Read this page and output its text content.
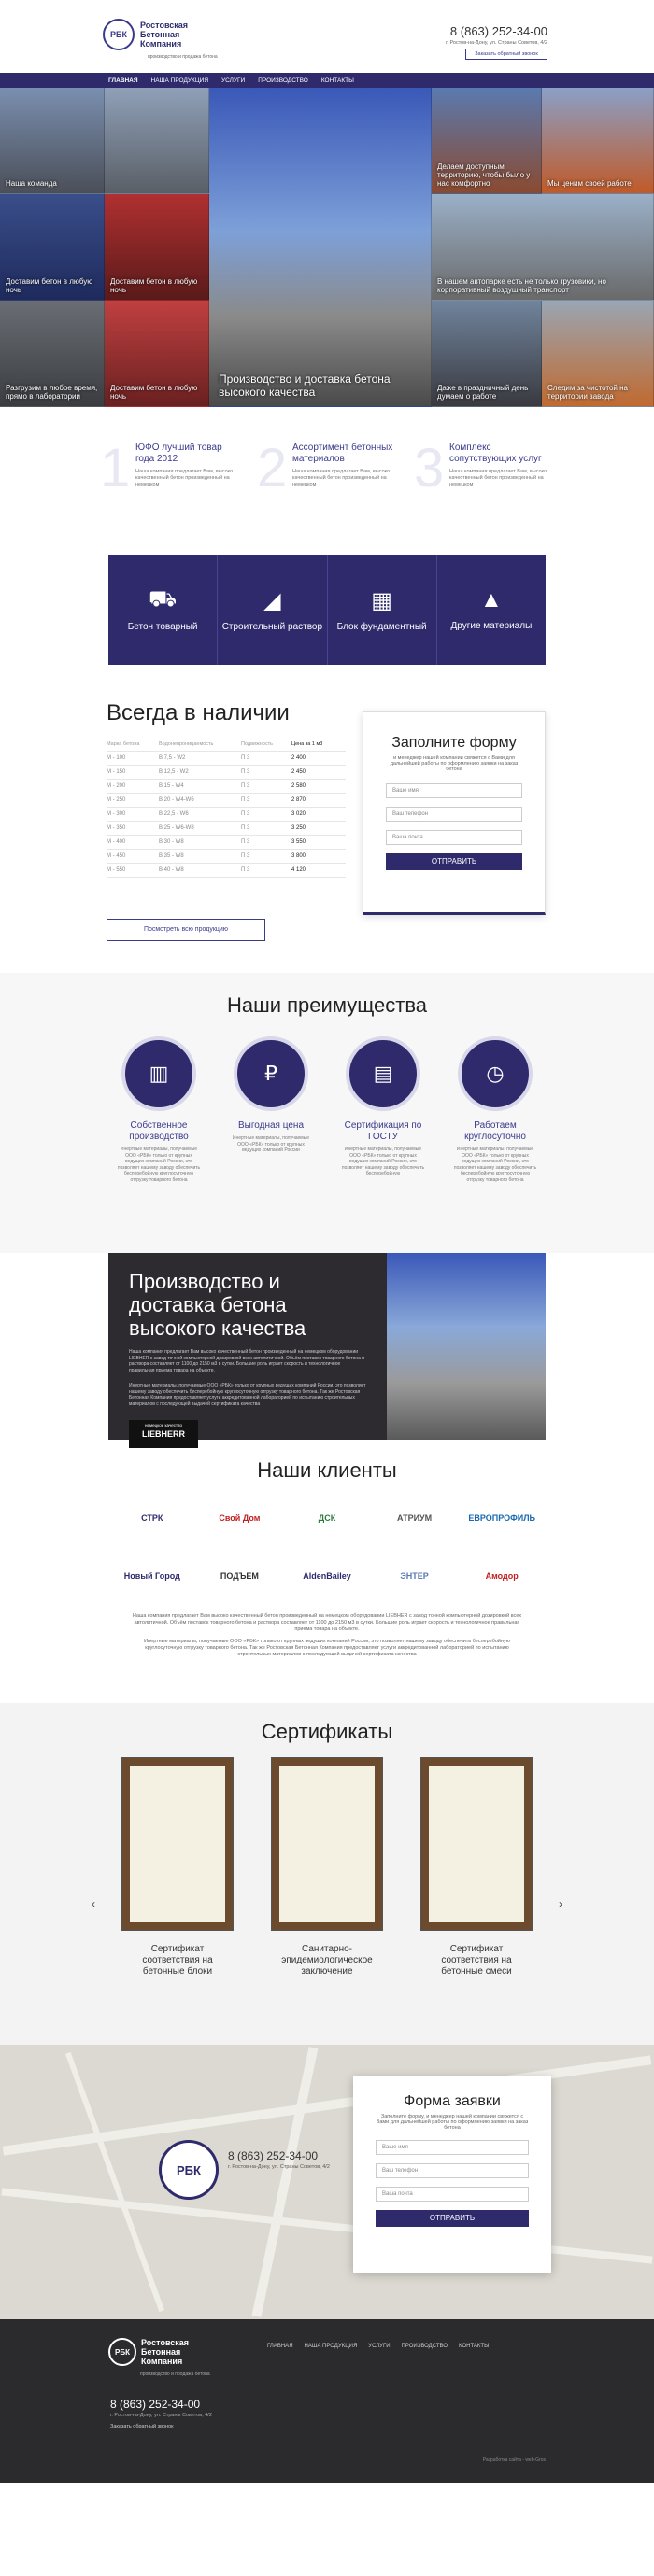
РБК
Ростовская Бетонная Компания
производство и продажа бетона
8 (863) 252-34-00
г. Ростов-на-Дону, ул. Страны Советов, 4/2
Заказать обратный звонок
ГЛАВНАЯ НАША ПРОДУКЦИЯ УСЛУГИ ПРОИЗВОДСТВО КОНТАКТЫ
Наша команда
Доставим бетон в любую ночь
Доставим бетон в любую ночь
Разгрузим в любое время, прямо в лаборатории
Доставим бетон в любую ночь
Производство и доставка бетона высокого качества
Делаем доступным территорию, чтобы было у нас комфортно	Мы ценим своей работе
В нашем автопарке есть не только грузовики, но корпоративный воздушный транспорт
Даже в праздничный день думаем о работе
Следим за чистотой на территории завода
1 ЮФО лучший товар года 2012
Наша компания предлагает Вам, высоко качественный бетон произведенный на немецком	2 Ассортимент бетонных материалов
Наша компания предлагает Вам, высоко качественный бетон произведенный на немецком	3 Комплекс сопутствующих услуг
Наша компания предлагает Вам, высоко качественный бетон произведенный на немецком
⛟
Бетон товарный
◢
Строительный раствор
▦
Блок фундаментный
▲
Другие материалы
Всегда в наличии
Марка бетона	Водонепроницаемость	Подвижность	Цена за 1 м3
М - 100	В 7,5 - W2	П 3	2 400
М - 150	В 12,5 - W2	П 3	2 450
М - 200	В 15 - W4	П 3	2 580
М - 250	В 20 - W4-W6	П 3	2 870
М - 300	В 22,5 - W6	П 3	3 020
М - 350	В 25 - W6-W8	П 3	3 250
М - 400	В 30 - W8	П 3	3 550
М - 450	В 35 - W8	П 3	3 800
М - 550	В 40 - W8	П 3	4 120
Посмотреть всю продукцию
Заполните форму

и менеджер нашей компании свяжется с Вами для дальнейшей работы по оформлению заявки на заказ бетона

Ваше имя
Ваш телефон
Ваша почта
ОТПРАВИТЬ
Наши преимущества
▥
Собственное производство
Инертные материалы, получаемые ООО «РБК» только от крупных ведущих компаний России, это позволяет нашему заводу обеспечить бесперебойную круглосуточную отгрузку товарного бетона
₽
Выгодная цена
Инертные материалы, получаемые ООО «РБК» только от крупных ведущих компаний России
▤
Сертификация по ГОСТУ
Инертные материалы, получаемые ООО «РБК» только от крупных ведущих компаний России, это позволяет нашему заводу обеспечить бесперебойную
◷
Работаем круглосуточно
Инертные материалы, получаемые ООО «РБК» только от крупных ведущих компаний России, это позволяет нашему заводу обеспечить бесперебойную круглосуточную отгрузку товарного бетона
Производство и доставка бетона высокого качества

Наша компания предлагает Вам высоко качественный бетон произведенный на немецком оборудовании LIEBHER с завод точной компьютерной дозировкой всех автолитичной. Объём поставок товарного бетона и раствора составляет от 1100 до 2150 м3 в сутки. Большие роль играет скорость и технологичное правильная приема товара на объекте.

Инертные материалы, получаемые ООО «РБК» только от крупных ведущих компаний России, это позволяет нашему заводу обеспечить бесперебойную круглосуточную отгрузку товарного бетона. Так же Ростовская Бетонная Компания предоставляет услуги аккредитованной лабораторией по испытанию строительных материалов с последующей выдачей сертификата качества

немецкое качество
LIEBHERR
Наши клиенты
СТРК	Свой Дом	ДСК	АТРИУМ	ЕВРОПРОФИЛЬ
Новый Город	ПОДЪЕМ	AldenBailey	ЭНТЕР	Амодор

Наша компания предлагает Вам высоко качественный бетон произведенный на немецком оборудовании LIEBHER с завод точной компьютерной дозировкой всех автолитичной. Объём поставок товарного бетона и раствора составляет от 1100 до 2150 м3 в сутки. Большие роль играет скорость и технологичное правильная приема товара на объекте.

Инертные материалы, получаемые ООО «РБК» только от крупных ведущих компаний России, это позволяет нашему заводу обеспечить бесперебойную круглосуточную отгрузку товарного бетона. Так же Ростовская Бетонная Компания предоставляет услуги аккредитованной лабораторией по испытанию строительных материалов с последующей выдачей сертификата качества

Сертификаты
‹	›
Сертификат соответствия на бетонные блоки
Санитарно-эпидемиологическое заключение
Сертификат соответствия на бетонные смеси
РБК
8 (863) 252-34-00
г. Ростов-на-Дону, ул. Страны Советов, 4/2
Форма заявки

Заполните форму, и менеджер нашей компании свяжется с Вами для дальнейшей работы по оформлению заявки на заказ бетона

Ваше имя
Ваш телефон
Ваша почта
ОТПРАВИТЬ
РБК
Ростовская Бетонная Компания
производство и продажа бетона
ГЛАВНАЯ НАША ПРОДУКЦИЯ УСЛУГИ ПРОИЗВОДСТВО КОНТАКТЫ
8 (863) 252-34-00
г. Ростов-на-Дону, ул. Страны Советов, 4/2
Заказать обратный звонок
Разработка сайта - web-Gros
